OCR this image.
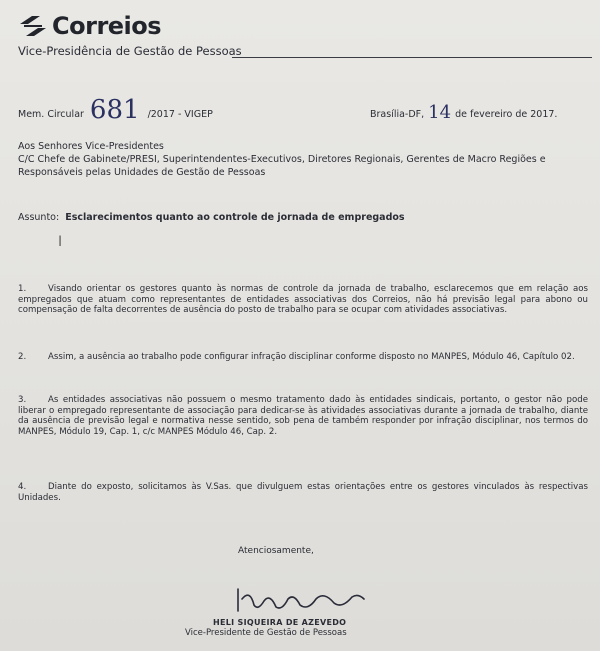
Correios
Vice-Presidência de Gestão de Pessoas
Mem. Circular 681 /2017 - VIGEP	Brasília-DF, 14 de fevereiro de 2017.
Aos Senhores Vice-Presidentes
C/C Chefe de Gabinete/PRESI, Superintendentes-Executivos, Diretores Regionais, Gerentes de Macro Regiões e Responsáveis pelas Unidades de Gestão de Pessoas
Assunto: Esclarecimentos quanto ao controle de jornada de empregados
I
1.	Visando orientar os gestores quanto às normas de controle da jornada de trabalho, esclarecemos que em relação aos empregados que atuam como representantes de entidades associativas dos Correios, não há previsão legal para abono ou compensação de falta decorrentes de ausência do posto de trabalho para se ocupar com atividades associativas.
2.	Assim, a ausência ao trabalho pode configurar infração disciplinar conforme disposto no MANPES, Módulo 46, Capítulo 02.
3.	As entidades associativas não possuem o mesmo tratamento dado às entidades sindicais, portanto, o gestor não pode liberar o empregado representante de associação para dedicar-se às atividades associativas durante a jornada de trabalho, diante da ausência de previsão legal e normativa nesse sentido, sob pena de também responder por infração disciplinar, nos termos do MANPES, Módulo 19, Cap. 1, c/c MANPES Módulo 46, Cap. 2.
4.	Diante do exposto, solicitamos às V.Sas. que divulguem estas orientações entre os gestores vinculados às respectivas Unidades.
Atenciosamente,
HELI SIQUEIRA DE AZEVEDO
Vice-Presidente de Gestão de Pessoas
